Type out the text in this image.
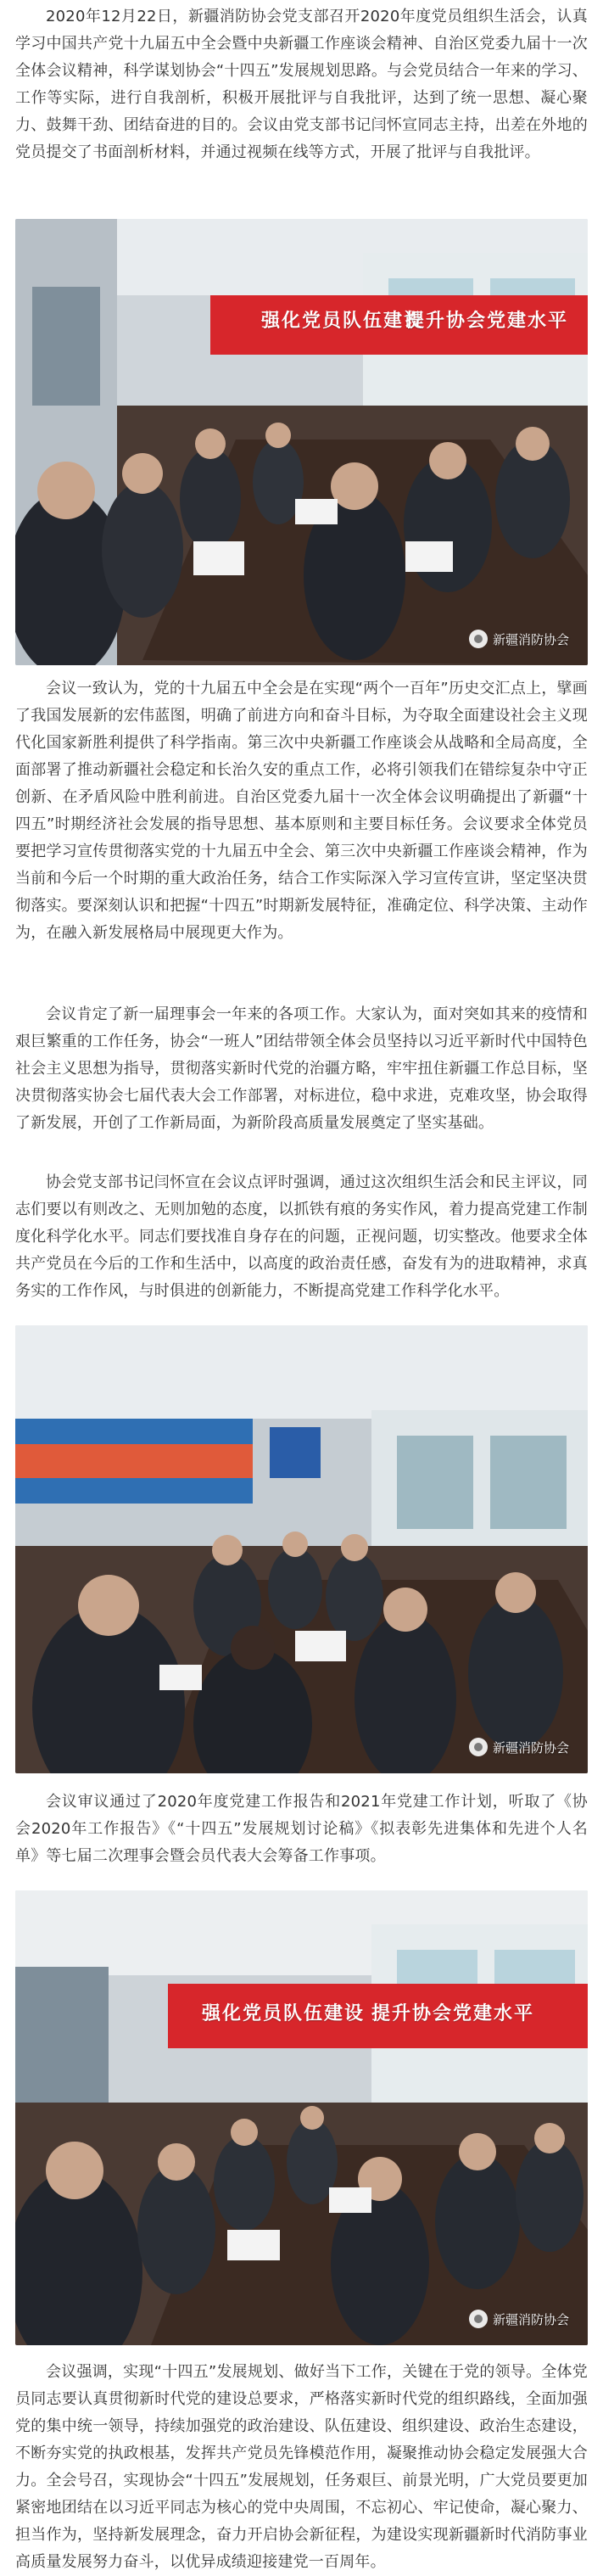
2020年12月22日，新疆消防协会党支部召开2020年度党员组织生活会，认真学习中国共产党十九届五中全会暨中央新疆工作座谈会精神、自治区党委九届十一次全体会议精神，科学谋划协会“十四五”发展规划思路。与会党员结合一年来的学习、工作等实际，进行自我剖析，积极开展批评与自我批评，达到了统一思想、凝心聚力、鼓舞干劲、团结奋进的目的。会议由党支部书记闫怀宣同志主持，出差在外地的党员提交了书面剖析材料，并通过视频在线等方式，开展了批评与自我批评。

强化党员队伍建设
提升协会党建水平
新疆消防协会

会议一致认为，党的十九届五中全会是在实现“两个一百年”历史交汇点上，擘画了我国发展新的宏伟蓝图，明确了前进方向和奋斗目标，为夺取全面建设社会主义现代化国家新胜利提供了科学指南。第三次中央新疆工作座谈会从战略和全局高度，全面部署了推动新疆社会稳定和长治久安的重点工作，必将引领我们在错综复杂中守正创新、在矛盾风险中胜利前进。自治区党委九届十一次全体会议明确提出了新疆“十四五”时期经济社会发展的指导思想、基本原则和主要目标任务。会议要求全体党员要把学习宣传贯彻落实党的十九届五中全会、第三次中央新疆工作座谈会精神，作为当前和今后一个时期的重大政治任务，结合工作实际深入学习宣传宣讲，坚定坚决贯彻落实。要深刻认识和把握“十四五”时期新发展特征，准确定位、科学决策、主动作为，在融入新发展格局中展现更大作为。

会议肯定了新一届理事会一年来的各项工作。大家认为，面对突如其来的疫情和艰巨繁重的工作任务，协会“一班人”团结带领全体会员坚持以习近平新时代中国特色社会主义思想为指导，贯彻落实新时代党的治疆方略，牢牢扭住新疆工作总目标，坚决贯彻落实协会七届代表大会工作部署，对标进位，稳中求进，克难攻坚，协会取得了新发展，开创了工作新局面，为新阶段高质量发展奠定了坚实基础。

协会党支部书记闫怀宣在会议点评时强调，通过这次组织生活会和民主评议，同志们要以有则改之、无则加勉的态度，以抓铁有痕的务实作风，着力提高党建工作制度化科学化水平。同志们要找准自身存在的问题，正视问题，切实整改。他要求全体共产党员在今后的工作和生活中，以高度的政治责任感，奋发有为的进取精神，求真务实的工作作风，与时俱进的创新能力，不断提高党建工作科学化水平。

新疆消防协会

会议审议通过了2020年度党建工作报告和2021年党建工作计划，听取了《协会2020年工作报告》《“十四五”发展规划讨论稿》《拟表彰先进集体和先进个人名单》等七届二次理事会暨会员代表大会筹备工作事项。

强化党员队伍建设 提升协会党建水平
新疆消防协会

会议强调，实现“十四五”发展规划、做好当下工作，关键在于党的领导。全体党员同志要认真贯彻新时代党的建设总要求，严格落实新时代党的组织路线，全面加强党的集中统一领导，持续加强党的政治建设、队伍建设、组织建设、政治生态建设，不断夯实党的执政根基，发挥共产党员先锋模范作用，凝聚推动协会稳定发展强大合力。全会号召，实现协会“十四五”发展规划，任务艰巨、前景光明，广大党员要更加紧密地团结在以习近平同志为核心的党中央周围，不忘初心、牢记使命，凝心聚力、担当作为，坚持新发展理念，奋力开启协会新征程，为建设实现新疆新时代消防事业高质量发展努力奋斗，以优异成绩迎接建党一百周年。
